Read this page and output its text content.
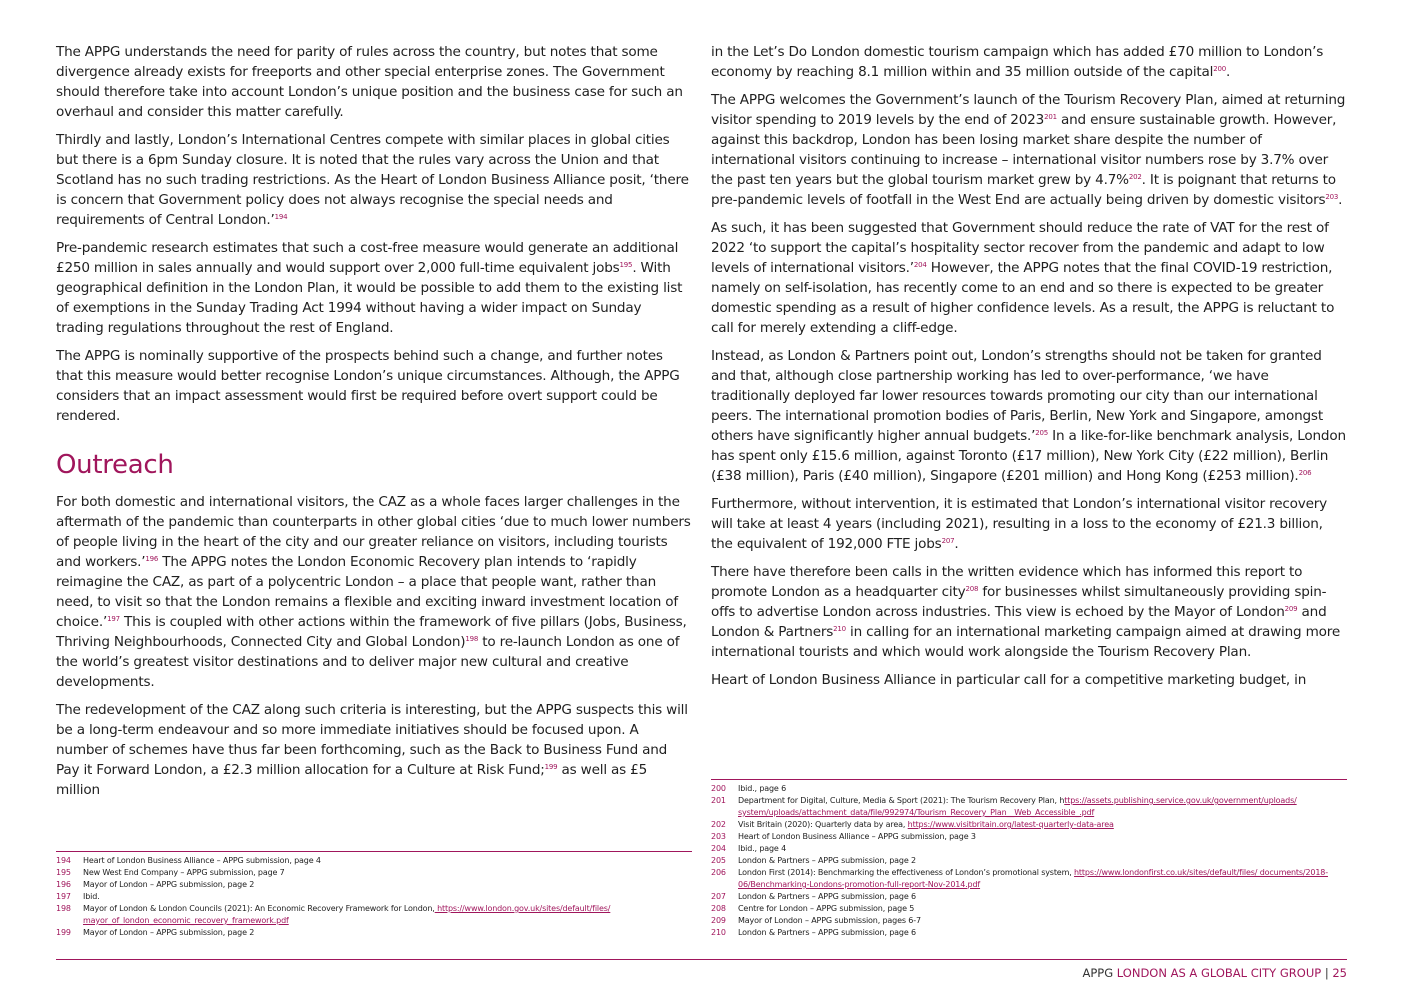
The APPG understands the need for parity of rules across the country, but notes that some divergence already exists for freeports and other special enterprise zones. The Government should therefore take into account London’s unique position and the business case for such an overhaul and consider this matter carefully.

Thirdly and lastly, London’s International Centres compete with similar places in global cities but there is a 6pm Sunday closure. It is noted that the rules vary across the Union and that Scotland has no such trading restrictions. As the Heart of London Business Alliance posit, ‘there is concern that Government policy does not always recognise the special needs and requirements of Central London.’$^{194}$

Pre-pandemic research estimates that such a cost-free measure would generate an additional £250 million in sales annually and would support over 2,000 full-time equivalent jobs$^{195}$. With geographical definition in the London Plan, it would be possible to add them to the existing list of exemptions in the Sunday Trading Act 1994 without having a wider impact on Sunday trading regulations throughout the rest of England.

The APPG is nominally supportive of the prospects behind such a change, and further notes that this measure would better recognise London’s unique circumstances. Although, the APPG considers that an impact assessment would first be required before overt support could be rendered.

Outreach

For both domestic and international visitors, the CAZ as a whole faces larger challenges in the aftermath of the pandemic than counterparts in other global cities ‘due to much lower numbers of people living in the heart of the city and our greater reliance on visitors, including tourists and workers.’$^{196}$ The APPG notes the London Economic Recovery plan intends to ‘rapidly reimagine the CAZ, as part of a polycentric London – a place that people want, rather than need, to visit so that the London remains a flexible and exciting inward investment location of choice.’$^{197}$ This is coupled with other actions within the framework of five pillars (Jobs, Business, Thriving Neighbourhoods, Connected City and Global London)$^{198}$ to re-launch London as one of the world’s greatest visitor destinations and to deliver major new cultural and creative developments.

The redevelopment of the CAZ along such criteria is interesting, but the APPG suspects this will be a long-term endeavour and so more immediate initiatives should be focused upon. A number of schemes have thus far been forthcoming, such as the Back to Business Fund and Pay it Forward London, a £2.3 million allocation for a Culture at Risk Fund;$^{199}$ as well as £5 million

in the Let’s Do London domestic tourism campaign which has added £70 million to London’s economy by reaching 8.1 million within and 35 million outside of the capital$^{200}$.

The APPG welcomes the Government’s launch of the Tourism Recovery Plan, aimed at returning visitor spending to 2019 levels by the end of 2023$^{201}$ and ensure sustainable growth. However, against this backdrop, London has been losing market share despite the number of international visitors continuing to increase – international visitor numbers rose by 3.7% over the past ten years but the global tourism market grew by 4.7%$^{202}$. It is poignant that returns to pre-pandemic levels of footfall in the West End are actually being driven by domestic visitors$^{203}$.

As such, it has been suggested that Government should reduce the rate of VAT for the rest of 2022 ‘to support the capital’s hospitality sector recover from the pandemic and adapt to low levels of international visitors.’$^{204}$ However, the APPG notes that the final COVID-19 restriction, namely on self-isolation, has recently come to an end and so there is expected to be greater domestic spending as a result of higher confidence levels. As a result, the APPG is reluctant to call for merely extending a cliff-edge.

Instead, as London & Partners point out, London’s strengths should not be taken for granted and that, although close partnership working has led to over-performance, ‘we have traditionally deployed far lower resources towards promoting our city than our international peers. The international promotion bodies of Paris, Berlin, New York and Singapore, amongst others have significantly higher annual budgets.’$^{205}$ In a like-for-like benchmark analysis, London has spent only £15.6 million, against Toronto (£17 million), New York City (£22 million), Berlin (£38 million), Paris (£40 million), Singapore (£201 million) and Hong Kong (£253 million).$^{206}$

Furthermore, without intervention, it is estimated that London’s international visitor recovery will take at least 4 years (including 2021), resulting in a loss to the economy of £21.3 billion, the equivalent of 192,000 FTE jobs$^{207}$.

There have therefore been calls in the written evidence which has informed this report to promote London as a headquarter city$^{208}$ for businesses whilst simultaneously providing spin-offs to advertise London across industries. This view is echoed by the Mayor of London$^{209}$ and London & Partners$^{210}$ in calling for an international marketing campaign aimed at drawing more international tourists and which would work alongside the Tourism Recovery Plan.

Heart of London Business Alliance in particular call for a competitive marketing budget, in

194	Heart of London Business Alliance – APPG submission, page 4
195	New West End Company – APPG submission, page 7
196	Mayor of London – APPG submission, page 2
197	Ibid.
198	Mayor of London & London Councils (2021): An Economic Recovery Framework for London, https://www.london.gov.uk/sites/default/files/ mayor_of_london_economic_recovery_framework.pdf
199	Mayor of London – APPG submission, page 2
200	Ibid., page 6
201	Department for Digital, Culture, Media & Sport (2021): The Tourism Recovery Plan, https://assets.publishing.service.gov.uk/government/uploads/ system/uploads/attachment_data/file/992974/Tourism_Recovery_Plan__Web_Accessible_.pdf
202	Visit Britain (2020): Quarterly data by area, https://www.visitbritain.org/latest-quarterly-data-area
203	Heart of London Business Alliance – APPG submission, page 3
204	Ibid., page 4
205	London & Partners – APPG submission, page 2
206	London First (2014): Benchmarking the effectiveness of London’s promotional system, https://www.londonfirst.co.uk/sites/default/files/ documents/2018-06/Benchmarking-Londons-promotion-full-report-Nov-2014.pdf
207	London & Partners – APPG submission, page 6
208	Centre for London – APPG submission, page 5
209	Mayor of London – APPG submission, pages 6-7
210	London & Partners – APPG submission, page 6
APPG LONDON AS A GLOBAL CITY GROUP | 25
